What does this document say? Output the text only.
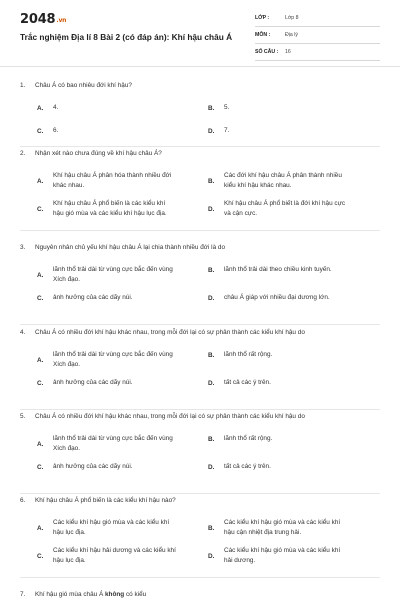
2048.vn
Trắc nghiệm Địa lí 8 Bài 2 (có đáp án): Khí hậu châu Á
LỚP :	Lớp 8
MÔN :	Địa lý
SỐ CÂU : 16
1. Châu Á có bao nhiêu đới khí hậu?
A. 4.	B. 5.
C. 6.	D. 7.
2. Nhận xét nào chưa đúng về khí hậu châu Á?
A.
Khí hậu châu Á phân hóa thành nhiều đới
khác nhau.
B.
Các đới khí hậu châu Á phân thành nhiều
kiểu khí hậu khác nhau.
C.
Khí hậu châu Á phổ biến là các kiểu khí
hậu gió mùa và các kiểu khí hậu lục địa.
D.
Khí hậu châu Á phổ biết là đới khí hậu cực
và cận cực.
3. Nguyên nhân chủ yếu khí hậu châu Á lại chia thành nhiều đới là do
A.
lãnh thổ trải dài từ vùng cực bắc đến vùng
Xích đạo.
B. lãnh thổ trải dài theo chiều kinh tuyến.
C. ảnh hưởng của các dãy núi.	D. châu Á giáp với nhiều đại dương lớn.
4. Châu Á có nhiều đới khí hậu khác nhau, trong mỗi đới lại có sự phân thành các kiểu khí hậu do
A.
lãnh thổ trải dài từ vùng cực bắc đến vùng
Xích đạo.
B. lãnh thổ rất rộng.
C. ảnh hưởng của các dãy núi.	D. tất cả các ý trên.
5. Châu Á có nhiều đới khí hậu khác nhau, trong mỗi đới lại có sự phân thành các kiểu khí hậu do
A.
lãnh thổ trải dài từ vùng cực bắc đến vùng
Xích đạo.
B. lãnh thổ rất rộng.
C. ảnh hưởng của các dãy núi.	D. tất cả các ý trên.
6. Khí hậu châu Á phổ biến là các kiểu khí hậu nào?
A.
Các kiểu khí hậu gió mùa và các kiểu khí
hậu lục địa.
B.
Các kiểu khí hậu gió mùa và các kiểu khí
hậu cận nhiệt địa trung hải.
C.
Các kiểu khí hậu hải dương và các kiểu khí
hậu lục địa.
D.
Các kiểu khí hậu gió mùa và các kiểu khí
hải dương.
7. Khí hậu gió mùa châu Á không có kiểu
